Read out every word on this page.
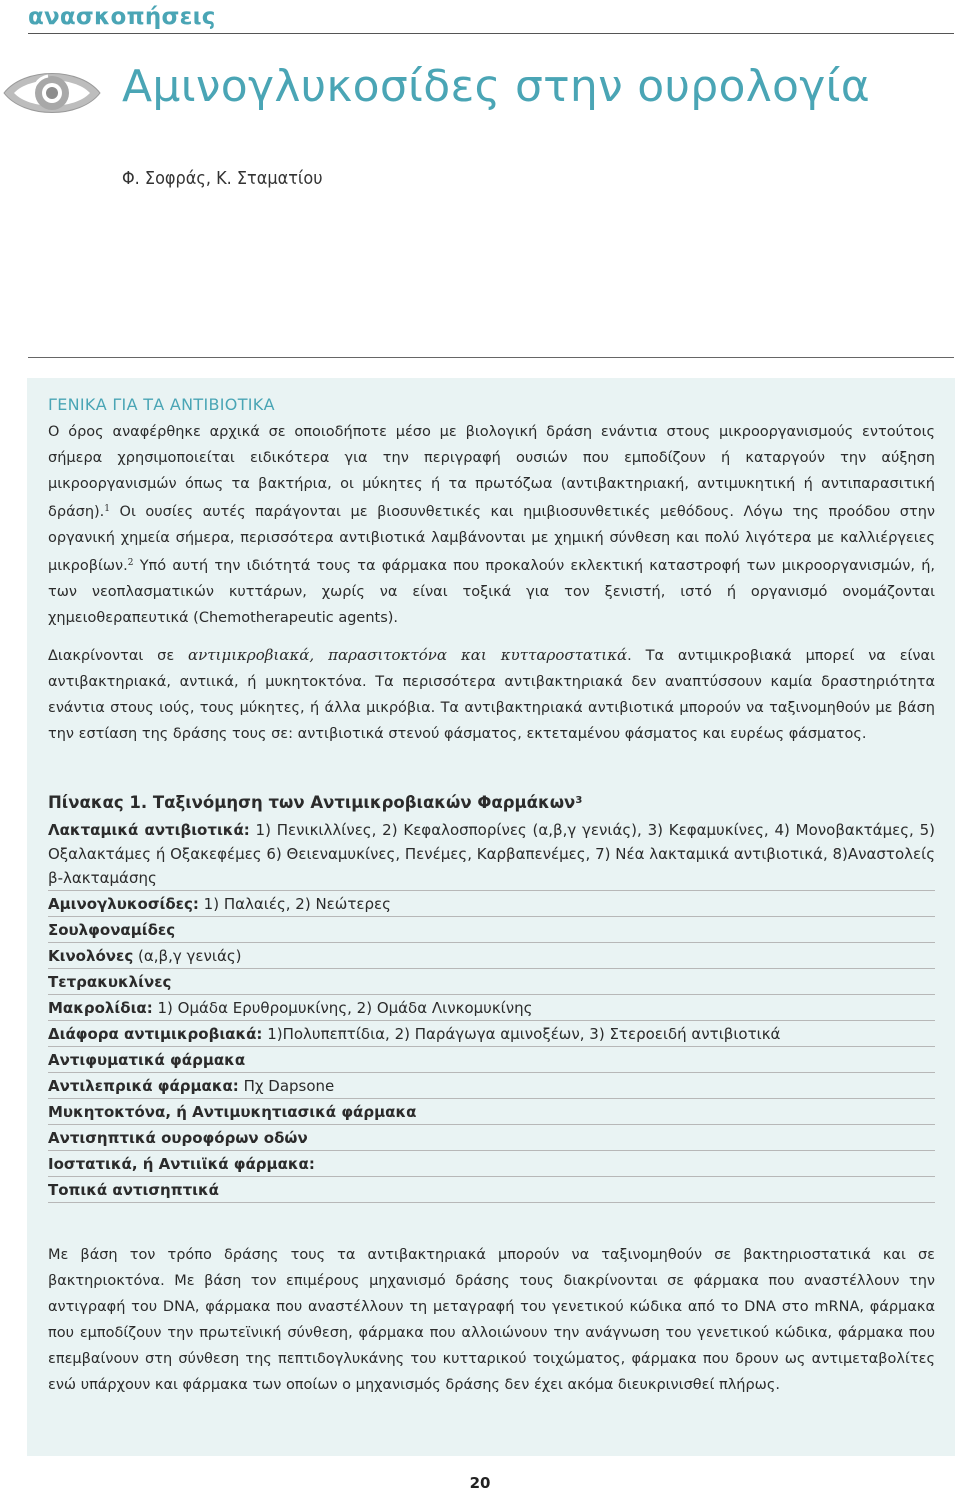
ανασκοπήσεις
Αμινογλυκοσίδες στην ουρολογία
Φ. Σοφράς, Κ. Σταματίου
ΓΕΝΙΚΑ ΓΙΑ ΤΑ ΑΝΤΙΒΙΟΤΙΚΑ
Ο όρος αναφέρθηκε αρχικά σε οποιοδήποτε μέσο με βιολογική δράση ενάντια στους μικροοργανισμούς εντούτοις σήμερα χρησιμοποιείται ειδικότερα για την περιγραφή ουσιών που εμποδίζουν ή καταργούν την αύξηση μικροοργανισμών όπως τα βακτήρια, οι μύκητες ή τα πρωτόζωα (αντιβακτηριακή, αντιμυκητική ή αντιπαρασιτική δράση).$^1$ Οι ουσίες αυτές παράγονται με βιοσυνθετικές και ημιβιοσυνθετικές μεθόδους. Λόγω της προόδου στην οργανική χημεία σήμερα, περισσότερα αντιβιοτικά λαμβάνονται με χημική σύνθεση και πολύ λιγότερα με καλλιέργειες μικροβίων.$^2$ Υπό αυτή την ιδιότητά τους τα φάρμακα που προκαλούν εκλεκτική καταστροφή των μικροοργανισμών, ή, των νεοπλασματικών κυττάρων, χωρίς να είναι τοξικά για τον ξενιστή, ιστό ή οργανισμό ονομάζονται χημειοθεραπευτικά (Chemotherapeutic agents).
Διακρίνονται σε αντιμικροβιακά, παρασιτοκτόνα και κυτταροστατικά. Τα αντιμικροβιακά μπορεί να είναι αντιβακτηριακά, αντιικά, ή μυκητοκτόνα. Τα περισσότερα αντιβακτηριακά δεν αναπτύσσουν καμία δραστηριότητα ενάντια στους ιούς, τους μύκητες, ή άλλα μικρόβια. Τα αντιβακτηριακά αντιβιοτικά μπορούν να ταξινομηθούν με βάση την εστίαση της δράσης τους σε: αντιβιοτικά στενού φάσματος, εκτεταμένου φάσματος και ευρέως φάσματος.
Πίνακας 1. Ταξινόμηση των Αντιμικροβιακών Φαρμάκων$^3$
Λακταμικά αντιβιοτικά: 1) Πενικιλλίνες, 2) Κεφαλοσπορίνες (α,β,γ γενιάς), 3) Κεφαμυκίνες, 4) Μονοβακτάμες, 5) Οξαλακτάμες ή Οξακεφέμες 6) Θειεναμυκίνες, Πενέμες, Καρβαπενέμες, 7) Νέα λακταμικά αντιβιοτικά, 8)Αναστολείς β-λακταμάσης
Αμινογλυκοσίδες: 1) Παλαιές, 2) Νεώτερες
Σουλφοναμίδες
Κινολόνες (α,β,γ γενιάς)
Τετρακυκλίνες
Μακρολίδια: 1) Ομάδα Ερυθρομυκίνης, 2) Ομάδα Λινκομυκίνης
Διάφορα αντιμικροβιακά: 1)Πολυπεπτίδια, 2) Παράγωγα αμινοξέων, 3) Στεροειδή αντιβιοτικά
Αντιφυματικά φάρμακα
Αντιλεπρικά φάρμακα: Πχ Dapsone
Μυκητοκτόνα, ή Αντιμυκητιασικά φάρμακα
Αντισηπτικά ουροφόρων οδών
Ιοστατικά, ή Αντιιϊκά φάρμακα:
Τοπικά αντισηπτικά
Με βάση τον τρόπο δράσης τους τα αντιβακτηριακά μπορούν να ταξινομηθούν σε βακτηριοστατικά και σε βακτηριοκτόνα. Με βάση τον επιμέρους μηχανισμό δράσης τους διακρίνονται σε φάρμακα που αναστέλλουν την αντιγραφή του DNA, φάρμακα που αναστέλλουν τη μεταγραφή του γενετικού κώδικα από το DNA στο mRNA, φάρμακα που εμποδίζουν την πρωτεϊνική σύνθεση, φάρμακα που αλλοιώνουν την ανάγνωση του γενετικού κώδικα, φάρμακα που επεμβαίνουν στη σύνθεση της πεπτιδογλυκάνης του κυτταρικού τοιχώματος, φάρμακα που δρουν ως αντιμεταβολίτες ενώ υπάρχουν και φάρμακα των οποίων ο μηχανισμός δράσης δεν έχει ακόμα διευκρινισθεί πλήρως.
20
